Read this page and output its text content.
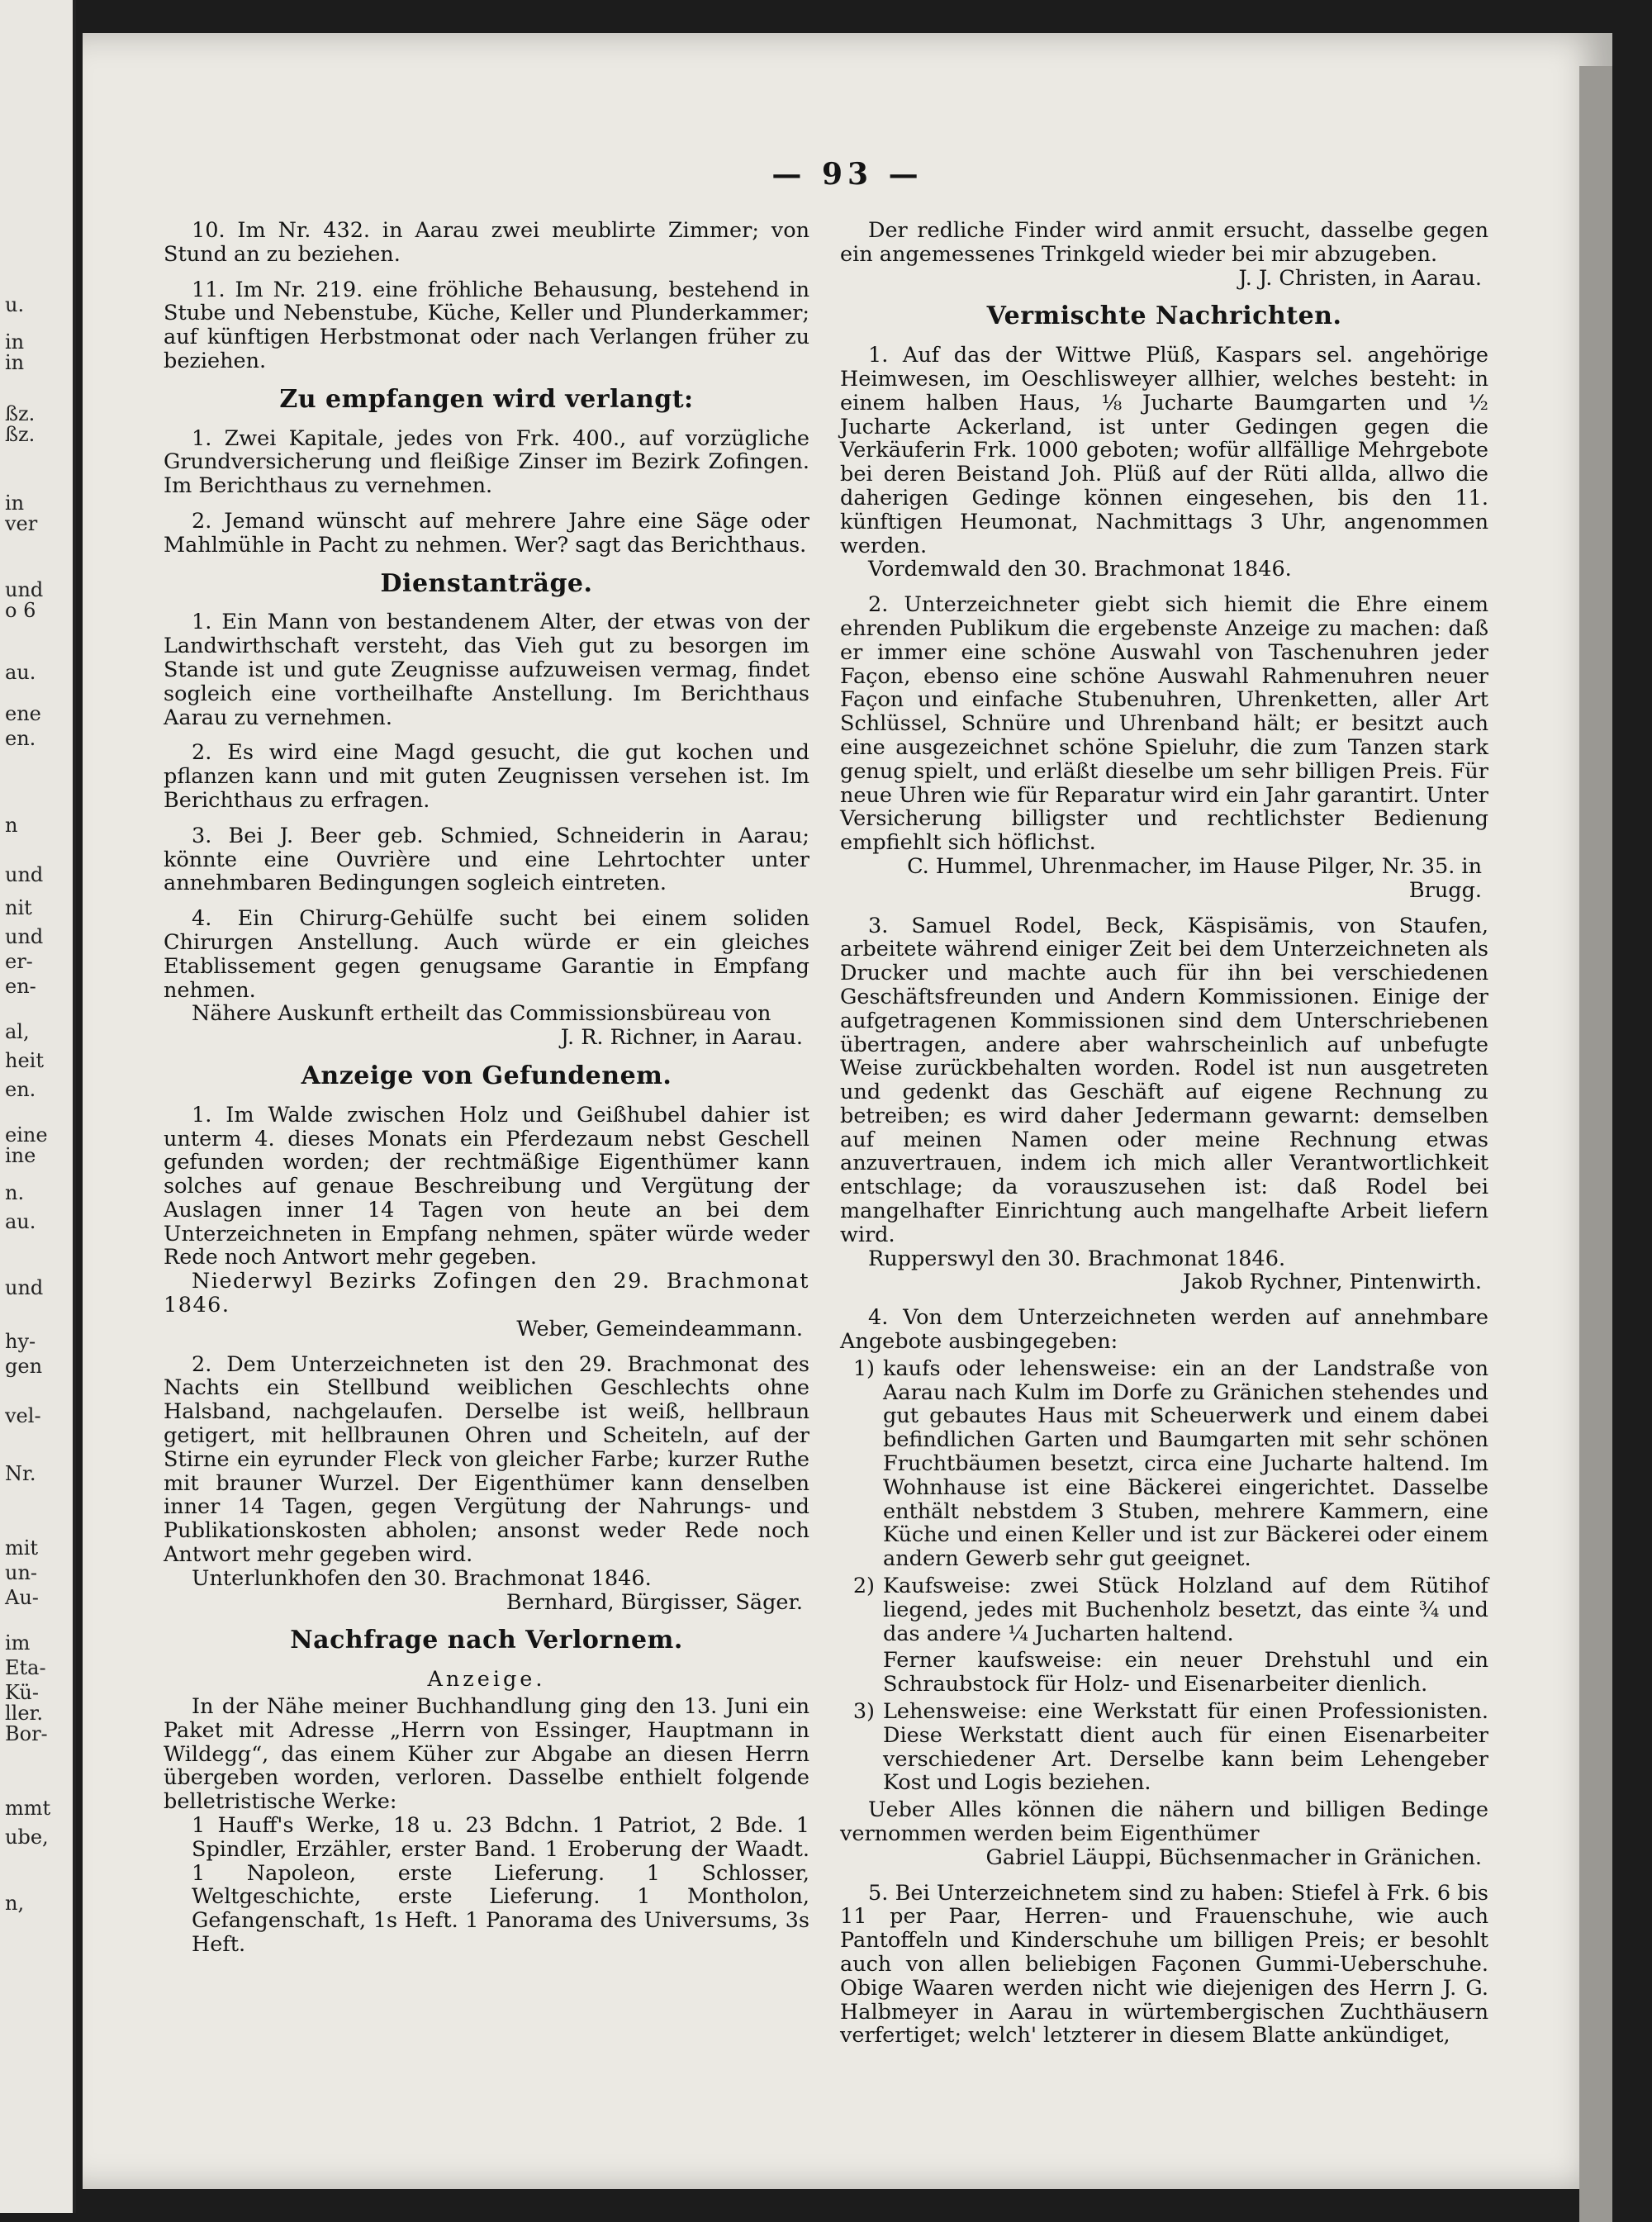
u.
in
in
ßz.
ßz.
in
ver
und
o 6
au.
ene
en.
n
und
nit
und
er-
en-
al,
heit
en.
eine
ine
n.
au.
und
hy-
gen
vel-
Nr.
mit
un-
Au-
im
Eta-
Kü-
ller.
Bor-
mmt
ube,
n,
— 93 —

10. Im Nr. 432. in Aarau zwei meublirte Zimmer; von Stund an zu beziehen.

11. Im Nr. 219. eine fröhliche Behausung, bestehend in Stube und Nebenstube, Küche, Keller und Plunderkammer; auf künftigen Herbstmonat oder nach Verlangen früher zu beziehen.

Zu empfangen wird verlangt:

1. Zwei Kapitale, jedes von Frk. 400., auf vorzügliche Grundversicherung und fleißige Zinser im Bezirk Zofingen. Im Berichthaus zu vernehmen.

2. Jemand wünscht auf mehrere Jahre eine Säge oder Mahlmühle in Pacht zu nehmen. Wer? sagt das Berichthaus.

Dienstanträge.

1. Ein Mann von bestandenem Alter, der etwas von der Landwirthschaft versteht, das Vieh gut zu besorgen im Stande ist und gute Zeugnisse aufzuweisen vermag, findet sogleich eine vortheilhafte Anstellung. Im Berichthaus Aarau zu vernehmen.

2. Es wird eine Magd gesucht, die gut kochen und pflanzen kann und mit guten Zeugnissen versehen ist. Im Berichthaus zu erfragen.

3. Bei J. Beer geb. Schmied, Schneiderin in Aarau; könnte eine Ouvrière und eine Lehrtochter unter annehmbaren Bedingungen sogleich eintreten.

4. Ein Chirurg-Gehülfe sucht bei einem soliden Chirurgen Anstellung. Auch würde er ein gleiches Etablissement gegen genugsame Garantie in Empfang nehmen.

Nähere Auskunft ertheilt das Commissionsbüreau von

J. R. Richner, in Aarau.

Anzeige von Gefundenem.

1. Im Walde zwischen Holz und Geißhubel dahier ist unterm 4. dieses Monats ein Pferdezaum nebst Geschell gefunden worden; der rechtmäßige Eigenthümer kann solches auf genaue Beschreibung und Vergütung der Auslagen inner 14 Tagen von heute an bei dem Unterzeichneten in Empfang nehmen, später würde weder Rede noch Antwort mehr gegeben.

Niederwyl Bezirks Zofingen den 29. Brachmonat 1846.

Weber, Gemeindeammann.

2. Dem Unterzeichneten ist den 29. Brachmonat des Nachts ein Stellbund weiblichen Geschlechts ohne Halsband, nachgelaufen. Derselbe ist weiß, hellbraun getigert, mit hellbraunen Ohren und Scheiteln, auf der Stirne ein eyrunder Fleck von gleicher Farbe; kurzer Ruthe mit brauner Wurzel. Der Eigenthümer kann denselben inner 14 Tagen, gegen Vergütung der Nahrungs- und Publikationskosten abholen; ansonst weder Rede noch Antwort mehr gegeben wird.

Unterlunkhofen den 30. Brachmonat 1846.

Bernhard, Bürgisser, Säger.

Nachfrage nach Verlornem.

Anzeige.

In der Nähe meiner Buchhandlung ging den 13. Juni ein Paket mit Adresse „Herrn von Essinger, Hauptmann in Wildegg“, das einem Küher zur Abgabe an diesen Herrn übergeben worden, verloren. Dasselbe enthielt folgende belletristische Werke:

1 Hauff's Werke, 18 u. 23 Bdchn. 1 Patriot, 2 Bde. 1 Spindler, Erzähler, erster Band. 1 Eroberung der Waadt. 1 Napoleon, erste Lieferung. 1 Schlosser, Weltgeschichte, erste Lieferung. 1 Montholon, Gefangenschaft, 1s Heft. 1 Panorama des Universums, 3s Heft.

Der redliche Finder wird anmit ersucht, dasselbe gegen ein angemessenes Trinkgeld wieder bei mir abzugeben.

J. J. Christen, in Aarau.

Vermischte Nachrichten.

1. Auf das der Wittwe Plüß, Kaspars sel. angehörige Heimwesen, im Oeschlisweyer allhier, welches besteht: in einem halben Haus, ⅛ Jucharte Baumgarten und ½ Jucharte Ackerland, ist unter Gedingen gegen die Verkäuferin Frk. 1000 geboten; wofür allfällige Mehrgebote bei deren Beistand Joh. Plüß auf der Rüti allda, allwo die daherigen Gedinge können eingesehen, bis den 11. künftigen Heumonat, Nachmittags 3 Uhr, angenommen werden.

Vordemwald den 30. Brachmonat 1846.

2. Unterzeichneter giebt sich hiemit die Ehre einem ehrenden Publikum die ergebenste Anzeige zu machen: daß er immer eine schöne Auswahl von Taschenuhren jeder Façon, ebenso eine schöne Auswahl Rahmenuhren neuer Façon und einfache Stubenuhren, Uhrenketten, aller Art Schlüssel, Schnüre und Uhrenband hält; er besitzt auch eine ausgezeichnet schöne Spieluhr, die zum Tanzen stark genug spielt, und erläßt dieselbe um sehr billigen Preis. Für neue Uhren wie für Reparatur wird ein Jahr garantirt. Unter Versicherung billigster und rechtlichster Bedienung empfiehlt sich höflichst.

C. Hummel, Uhrenmacher, im Hause Pilger, Nr. 35. in Brugg.

3. Samuel Rodel, Beck, Käspisämis, von Staufen, arbeitete während einiger Zeit bei dem Unterzeichneten als Drucker und machte auch für ihn bei verschiedenen Geschäftsfreunden und Andern Kommissionen. Einige der aufgetragenen Kommissionen sind dem Unterschriebenen übertragen, andere aber wahrscheinlich auf unbefugte Weise zurückbehalten worden. Rodel ist nun ausgetreten und gedenkt das Geschäft auf eigene Rechnung zu betreiben; es wird daher Jedermann gewarnt: demselben auf meinen Namen oder meine Rechnung etwas anzuvertrauen, indem ich mich aller Verantwortlichkeit entschlage; da vorauszusehen ist: daß Rodel bei mangelhafter Einrichtung auch mangelhafte Arbeit liefern wird.

Rupperswyl den 30. Brachmonat 1846.

Jakob Rychner, Pintenwirth.

4. Von dem Unterzeichneten werden auf annehmbare Angebote ausbingegeben:

1) kaufs oder lehensweise: ein an der Landstraße von Aarau nach Kulm im Dorfe zu Gränichen stehendes und gut gebautes Haus mit Scheuerwerk und einem dabei befindlichen Garten und Baumgarten mit sehr schönen Fruchtbäumen besetzt, circa eine Jucharte haltend. Im Wohnhause ist eine Bäckerei eingerichtet. Dasselbe enthält nebstdem 3 Stuben, mehrere Kammern, eine Küche und einen Keller und ist zur Bäckerei oder einem andern Gewerb sehr gut geeignet.
2) Kaufsweise: zwei Stück Holzland auf dem Rütihof liegend, jedes mit Buchenholz besetzt, das einte ¾ und das andere ¼ Jucharten haltend.
Ferner kaufsweise: ein neuer Drehstuhl und ein Schraubstock für Holz- und Eisenarbeiter dienlich.
3) Lehensweise: eine Werkstatt für einen Professionisten. Diese Werkstatt dient auch für einen Eisenarbeiter verschiedener Art. Derselbe kann beim Lehengeber Kost und Logis beziehen.

Ueber Alles können die nähern und billigen Bedinge vernommen werden beim Eigenthümer

Gabriel Läuppi, Büchsenmacher in Gränichen.

5. Bei Unterzeichnetem sind zu haben: Stiefel à Frk. 6 bis 11 per Paar, Herren- und Frauenschuhe, wie auch Pantoffeln und Kinderschuhe um billigen Preis; er besohlt auch von allen beliebigen Façonen Gummi-Ueberschuhe. Obige Waaren werden nicht wie diejenigen des Herrn J. G. Halbmeyer in Aarau in würtembergischen Zuchthäusern verfertiget; welch' letzterer in diesem Blatte ankündiget,
